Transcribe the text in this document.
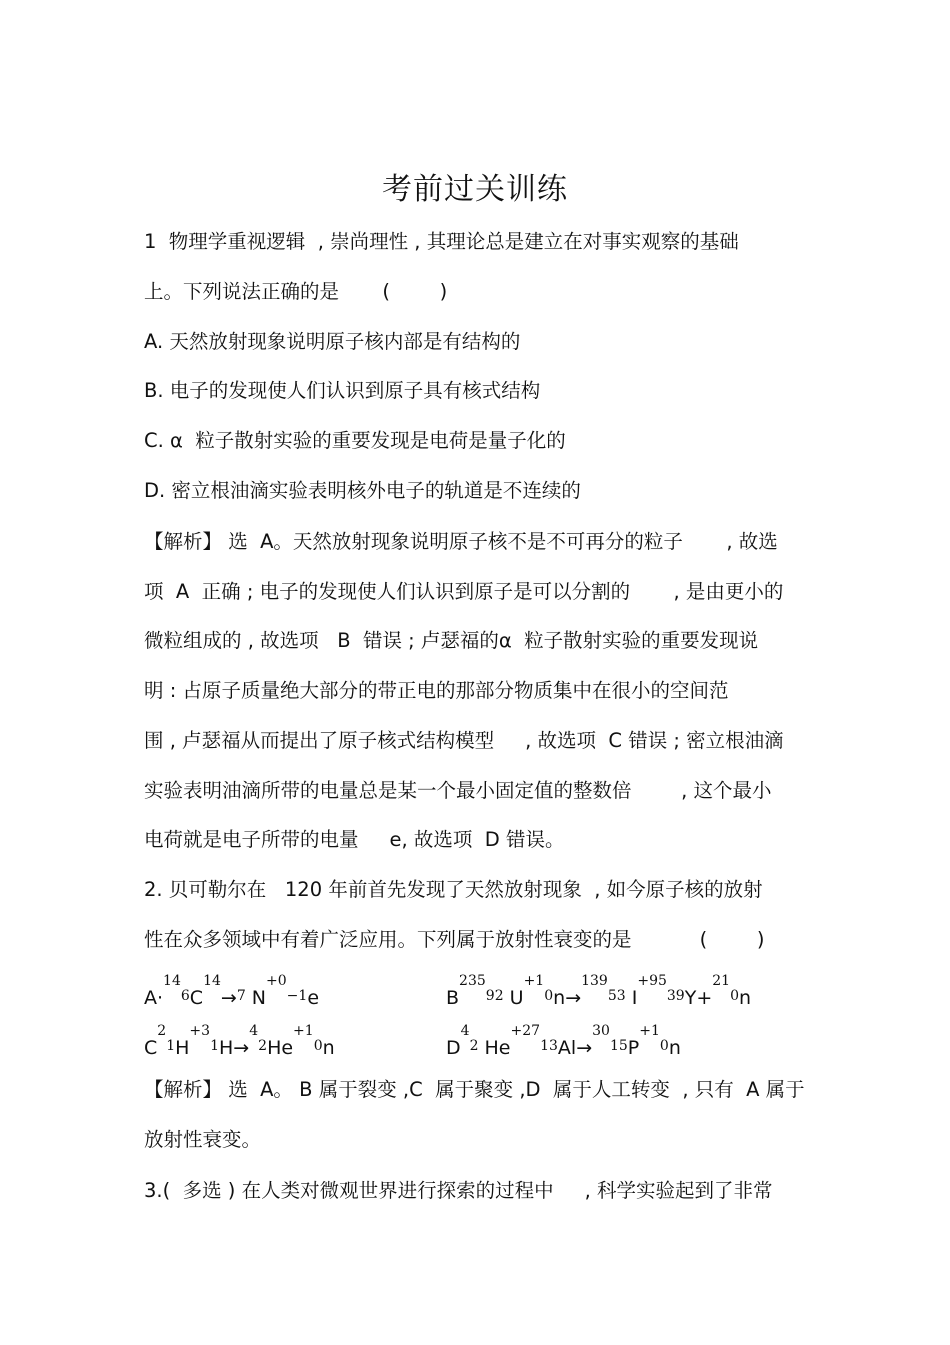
考前过关训练
1  物理学重视逻辑  , 崇尚理性 , 其理论总是建立在对事实观察的基础
上。下列说法正确的是       (        )
A. 天然放射现象说明原子核内部是有结构的
B. 电子的发现使人们认识到原子具有核式结构
C. α  粒子散射实验的重要发现是电荷是量子化的
D. 密立根油滴实验表明核外电子的轨道是不连续的
【解析】 选  A。天然放射现象说明原子核不是不可再分的粒子       , 故选
项  A  正确 ; 电子的发现使人们认识到原子是可以分割的       , 是由更小的
微粒组成的 , 故选项   B  错误 ; 卢瑟福的α  粒子散射实验的重要发现说
明 : 占原子质量绝大部分的带正电的那部分物质集中在很小的空间范
围 , 卢瑟福从而提出了原子核式结构模型     , 故选项  C 错误 ; 密立根油滴
实验表明油滴所带的电量总是某一个最小固定值的整数倍        , 这个最小
电荷就是电子所带的电量     e, 故选项  D 错误。
2. 贝可勒尔在   120 年前首先发现了天然放射现象  , 如今原子核的放射
性在众多领域中有着广泛应用。下列属于放射性衰变的是           (        )
$A\cdot^{146}C^{14}\to^7$ $N^{+0-1}e$	$B^{23592}$ $U^{+10}n\to^{13953}$ $I^{+9539}Y+^{210}n$
$C^{21}H^{+31}H\to^{42}He^{+10}n$	$D^{42}$ $He^{+2713}Al\to^{3015}P^{+10}n$
【解析】 选  A。 B 属于裂变 ,C  属于聚变 ,D  属于人工转变  , 只有  A 属于
放射性衰变。
3.(  多选 ) 在人类对微观世界进行探索的过程中     , 科学实验起到了非常
